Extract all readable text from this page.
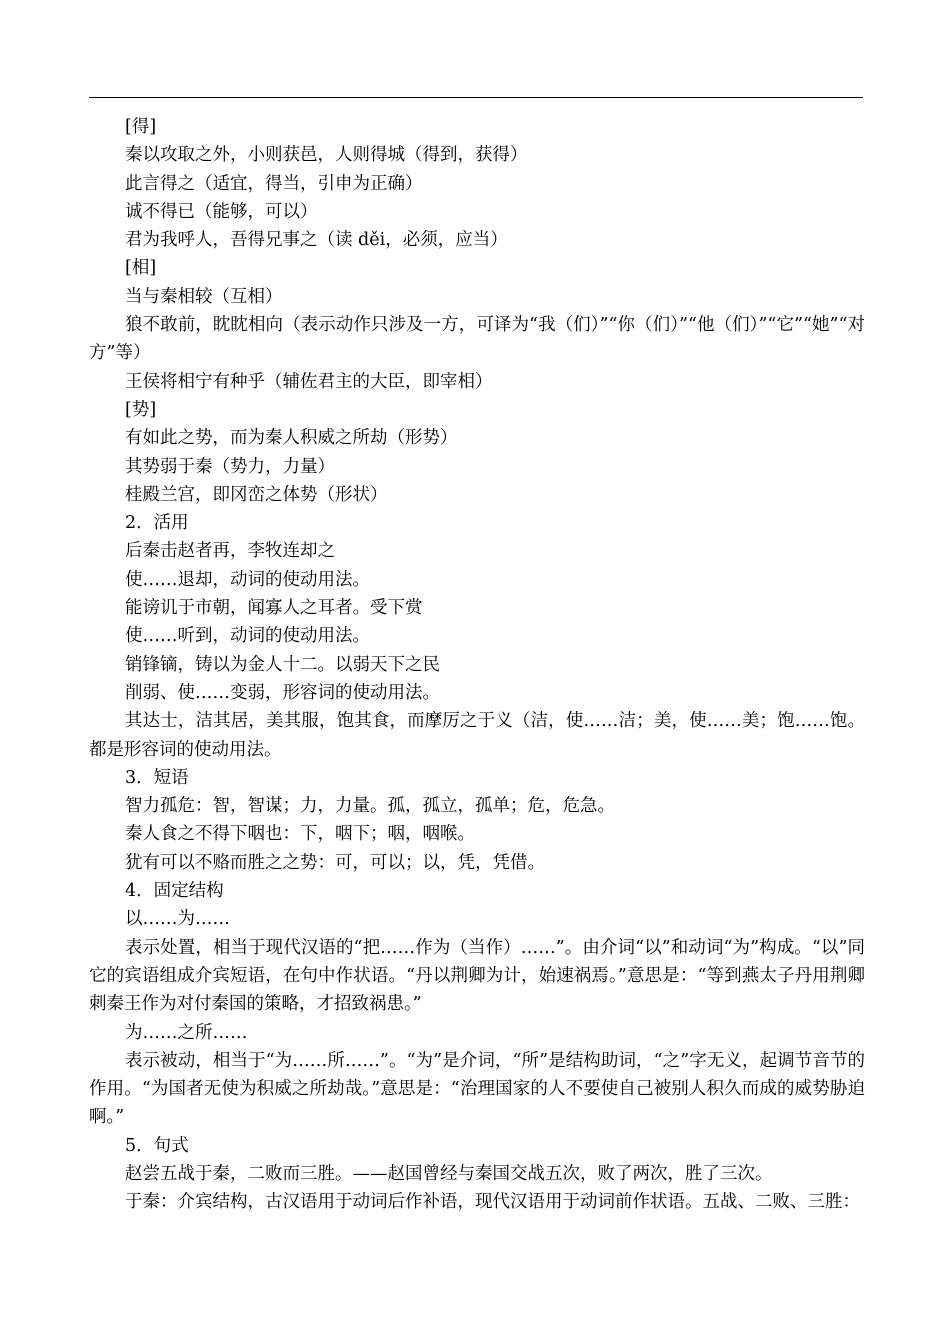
[得]

秦以攻取之外，小则获邑，人则得城（得到，获得）

此言得之（适宜，得当，引申为正确）

诚不得已（能够，可以）

君为我呼人，吾得兄事之（读 děi，必须，应当）

[相]

当与秦相较（互相）

狼不敢前，眈眈相向（表示动作只涉及一方，可译为“我（们）”“你（们）”“他（们）”“它”“她”“对方”等）

王侯将相宁有种乎（辅佐君主的大臣，即宰相）

[势]

有如此之势，而为秦人积威之所劫（形势）

其势弱于秦（势力，力量）

桂殿兰宫，即冈峦之体势（形状）

2．活用

后秦击赵者再，李牧连却之

使……退却，动词的使动用法。

能谤讥于市朝，闻寡人之耳者。受下赏

使……听到，动词的使动用法。

销锋镝，铸以为金人十二。以弱天下之民

削弱、使……变弱，形容词的使动用法。

其达士，洁其居，美其服，饱其食，而摩厉之于义（洁，使……洁；美，使……美；饱……饱。都是形容词的使动用法。

3．短语

智力孤危：智，智谋；力，力量。孤，孤立，孤单；危，危急。

秦人食之不得下咽也：下，咽下；咽，咽喉。

犹有可以不赂而胜之之势：可，可以；以，凭，凭借。

4．固定结构

以……为……

表示处置，相当于现代汉语的“把……作为（当作）……”。由介词“以”和动词“为”构成。“以”同它的宾语组成介宾短语，在句中作状语。“丹以荆卿为计，始速祸焉。”意思是：“等到燕太子丹用荆卿刺秦王作为对付秦国的策略，才招致祸患。”

为……之所……

表示被动，相当于“为……所……”。“为”是介词，“所”是结构助词，“之”字无义，起调节音节的作用。“为国者无使为积威之所劫哉。”意思是：“治理国家的人不要使自己被别人积久而成的威势胁迫啊。”

5．句式

赵尝五战于秦，二败而三胜。——赵国曾经与秦国交战五次，败了两次，胜了三次。

于秦：介宾结构，古汉语用于动词后作补语，现代汉语用于动词前作状语。五战、二败、三胜：
